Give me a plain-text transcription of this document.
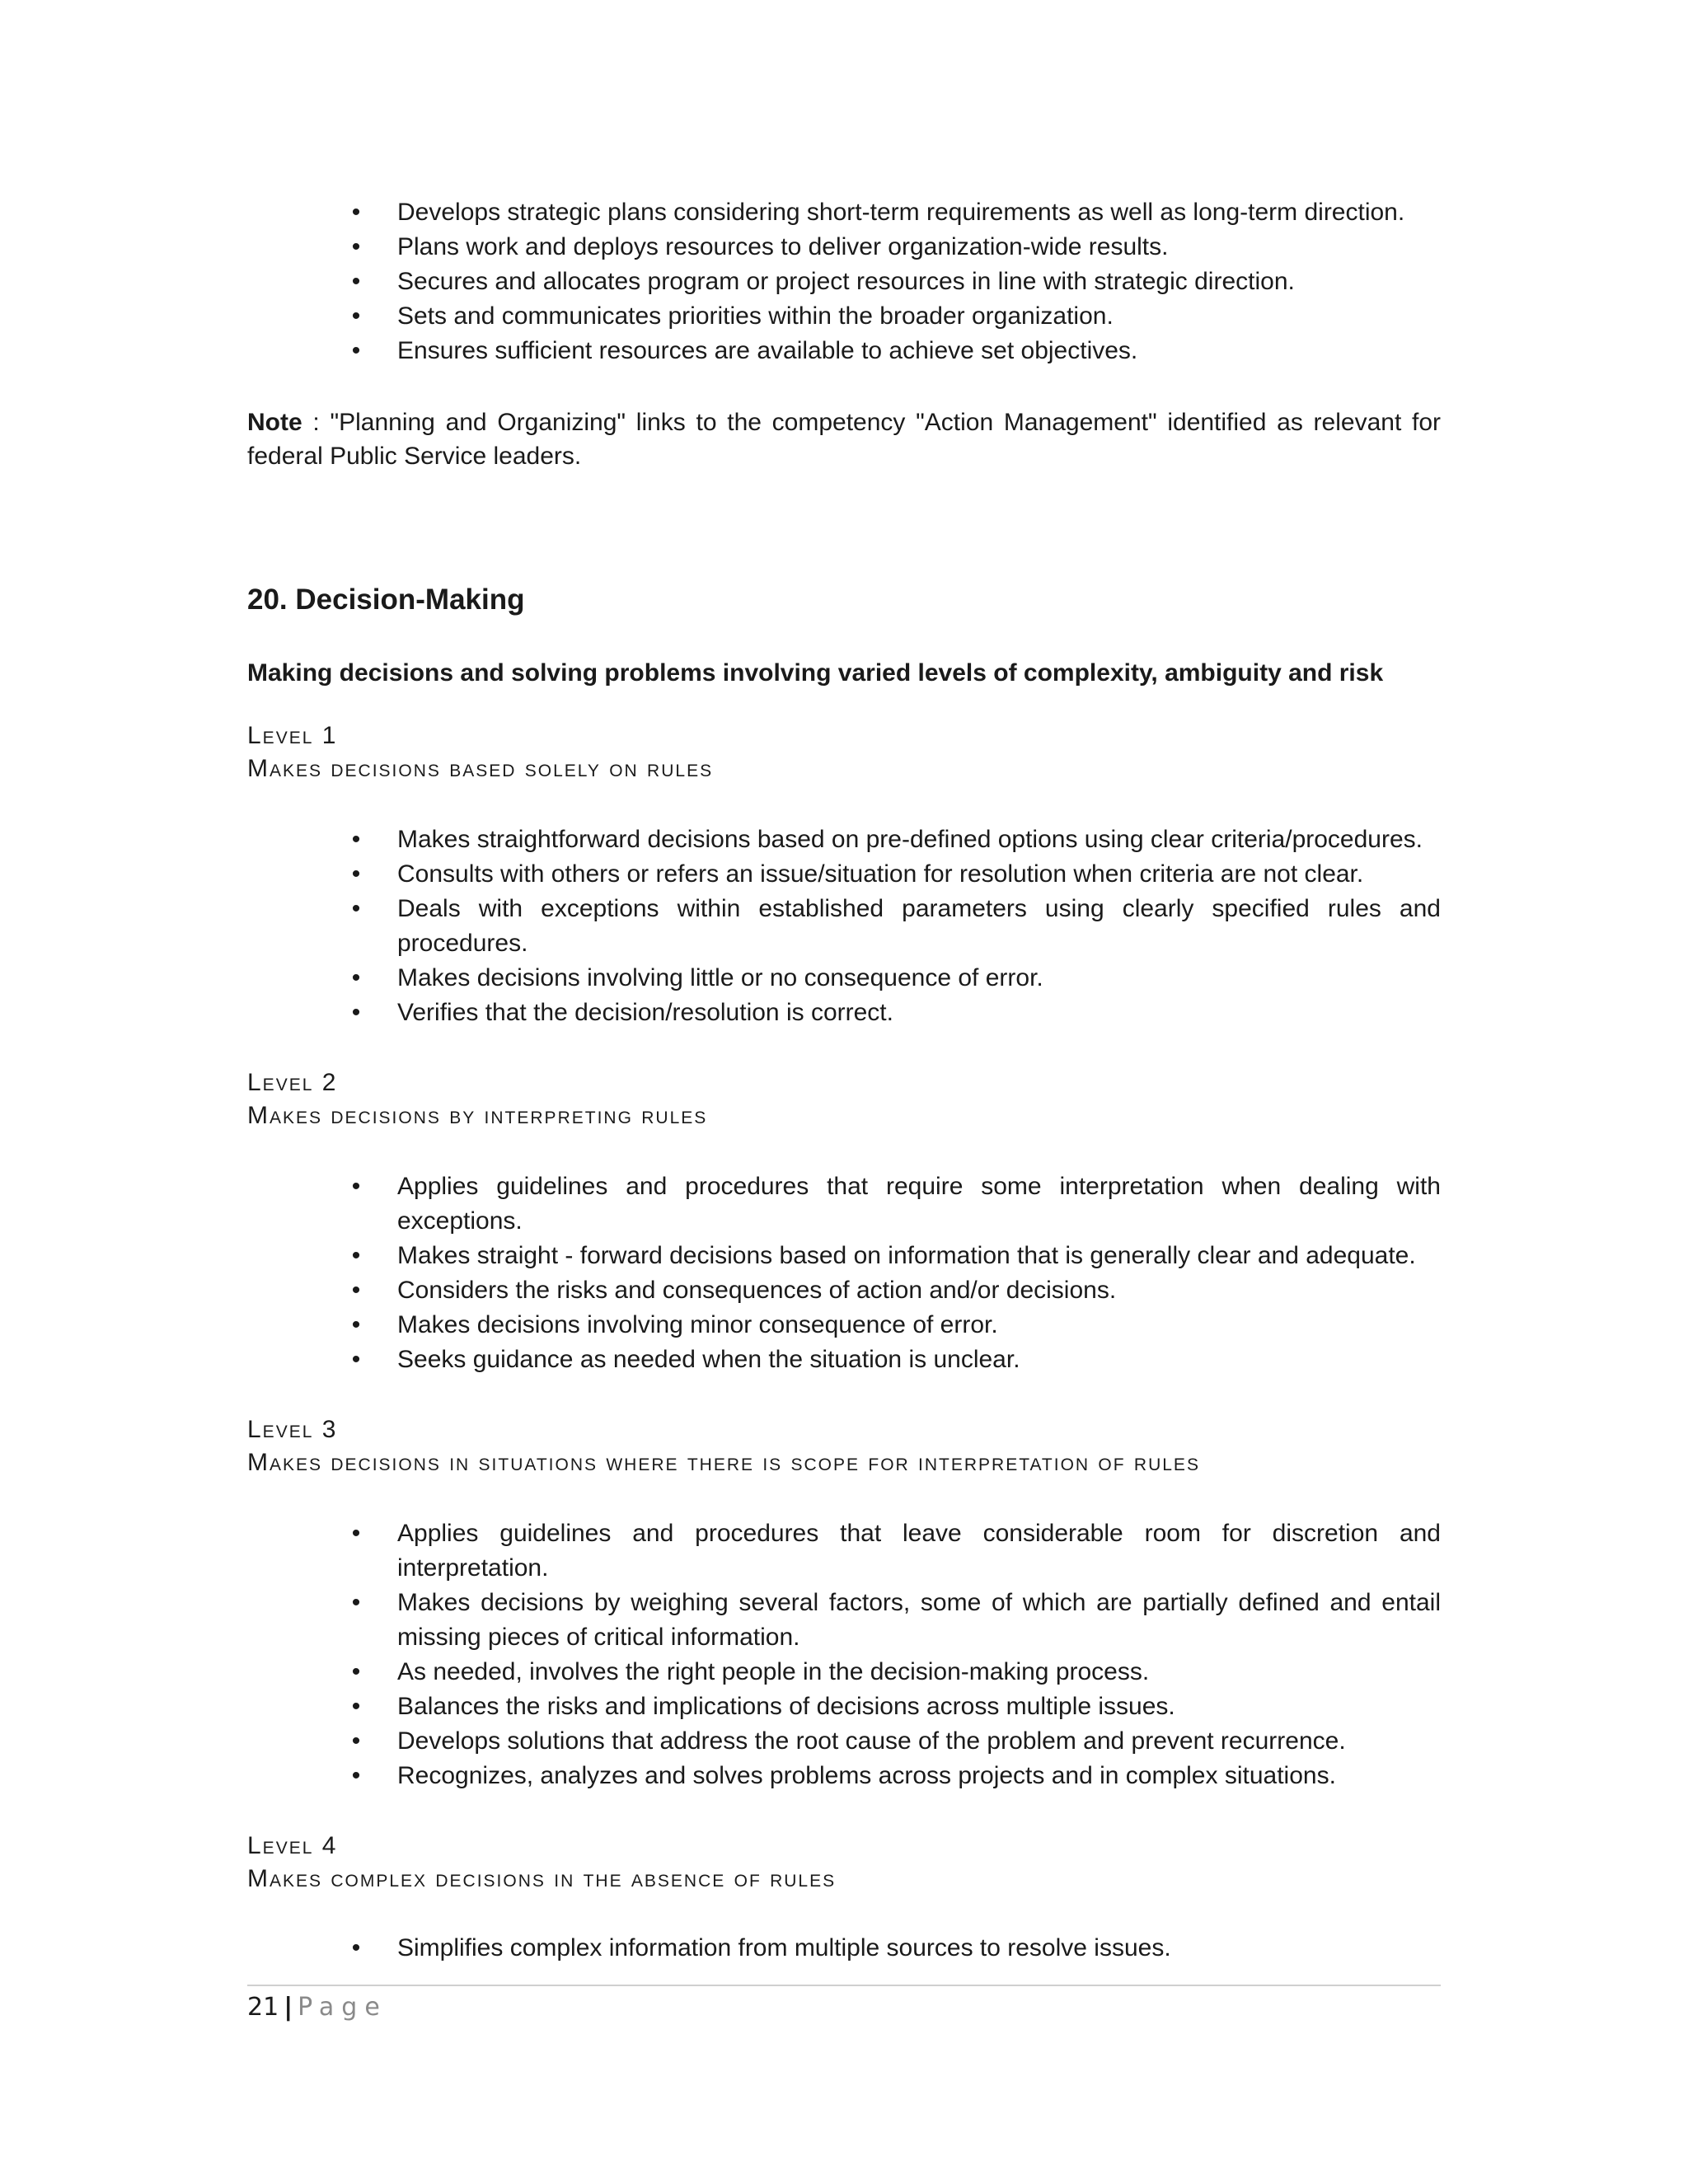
• Develops strategic plans considering short-term requirements as well as long-term direction.
• Plans work and deploys resources to deliver organization-wide results.
• Secures and allocates program or project resources in line with strategic direction.
• Sets and communicates priorities within the broader organization.
• Ensures sufficient resources are available to achieve set objectives.
Note : "Planning and Organizing" links to the competency "Action Management" identified as relevant for federal Public Service leaders.
20. Decision-Making
Making decisions and solving problems involving varied levels of complexity, ambiguity and risk
Level 1
Makes decisions based solely on rules
• Makes straightforward decisions based on pre-defined options using clear criteria/procedures.
• Consults with others or refers an issue/situation for resolution when criteria are not clear.
• Deals with exceptions within established parameters using clearly specified rules and procedures.
• Makes decisions involving little or no consequence of error.
• Verifies that the decision/resolution is correct.
Level 2
Makes decisions by interpreting rules
• Applies guidelines and procedures that require some interpretation when dealing with exceptions.
• Makes straight - forward decisions based on information that is generally clear and adequate.
• Considers the risks and consequences of action and/or decisions.
• Makes decisions involving minor consequence of error.
• Seeks guidance as needed when the situation is unclear.
Level 3
Makes decisions in situations where there is scope for interpretation of rules
• Applies guidelines and procedures that leave considerable room for discretion and interpretation.
• Makes decisions by weighing several factors, some of which are partially defined and entail missing pieces of critical information.
• As needed, involves the right people in the decision-making process.
• Balances the risks and implications of decisions across multiple issues.
• Develops solutions that address the root cause of the problem and prevent recurrence.
• Recognizes, analyzes and solves problems across projects and in complex situations.
Level 4
Makes complex decisions in the absence of rules
• Simplifies complex information from multiple sources to resolve issues.
21 | Page
